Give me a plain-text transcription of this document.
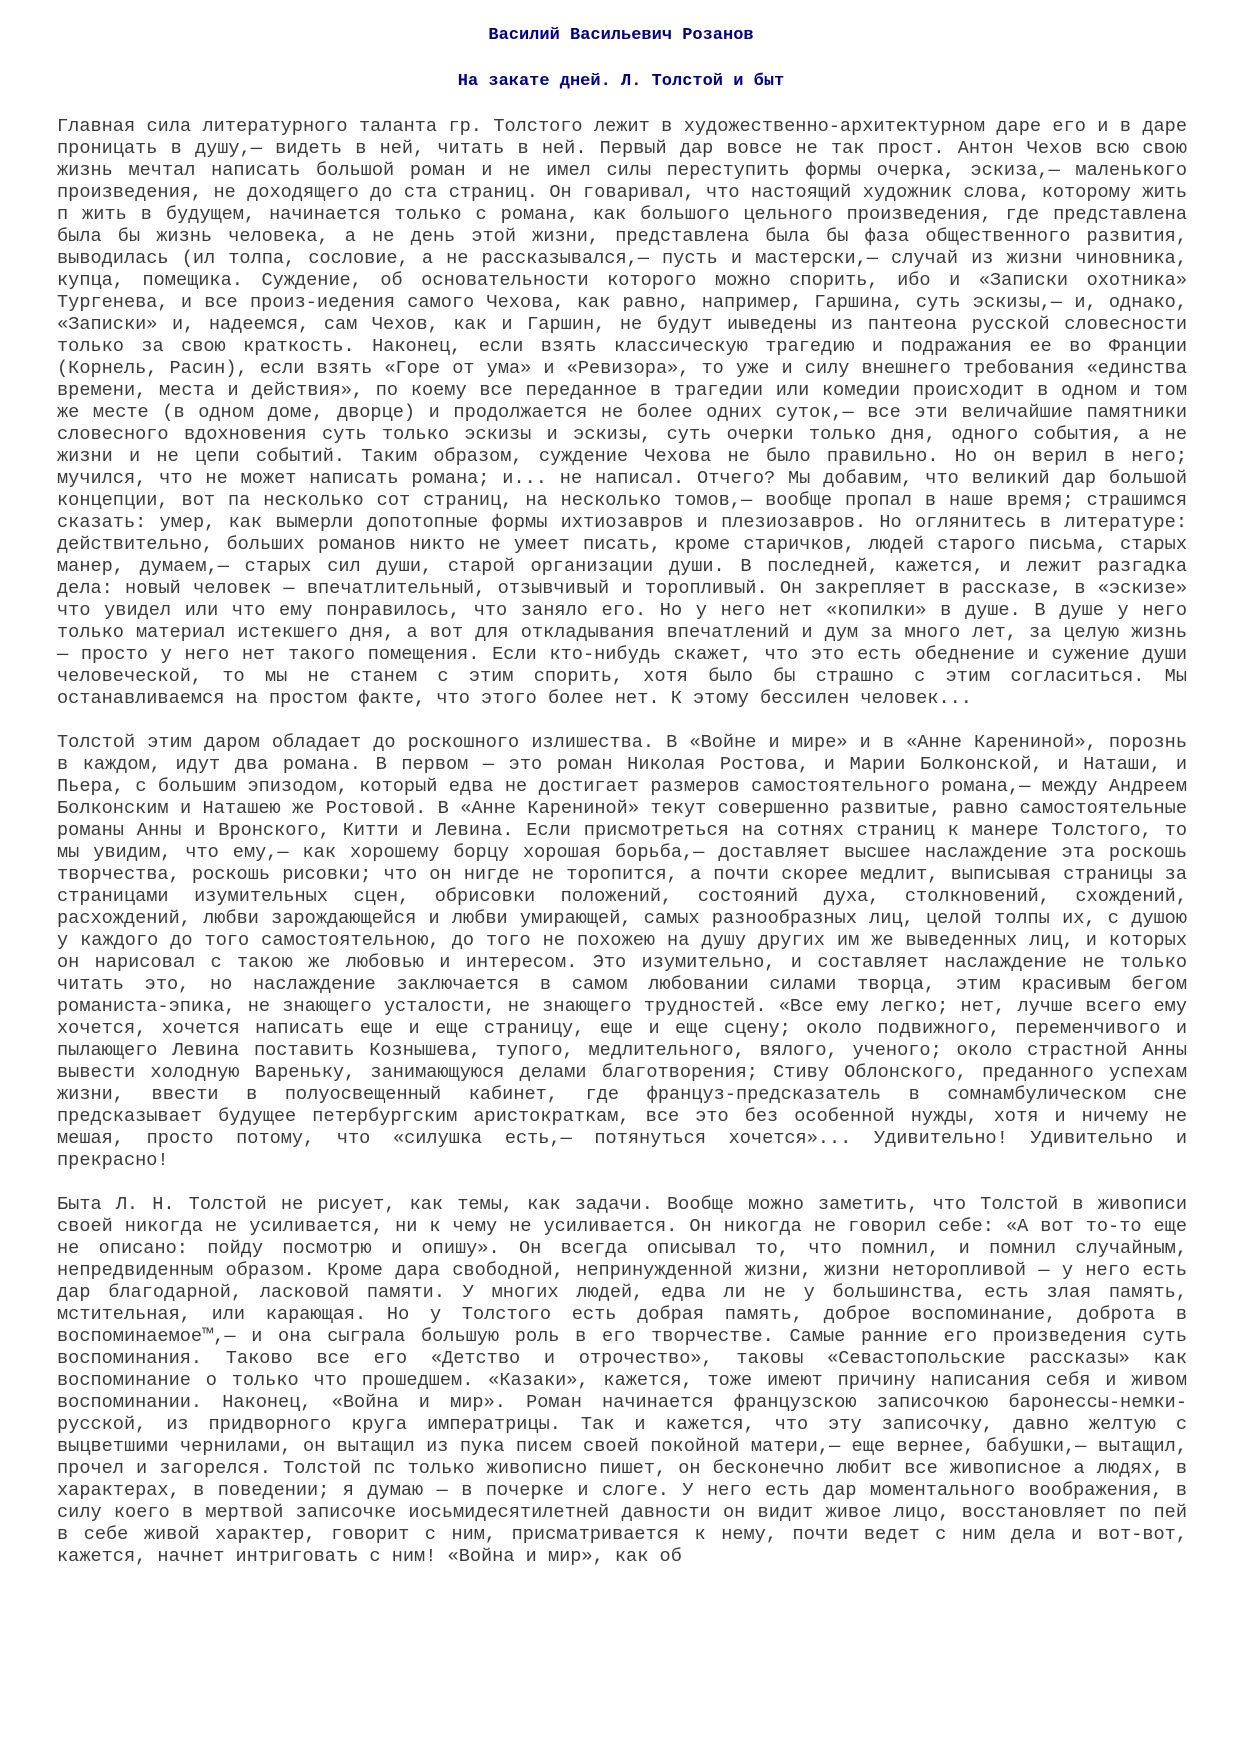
Василий Васильевич Розанов
На закате дней. Л. Толстой и быт

Главная сила литературного таланта гр. Толстого лежит в художественно-архитектурном даре его и в даре проницать в душу,— видеть в ней, читать в ней. Первый дар вовсе не так прост. Антон Чехов всю свою жизнь мечтал написать большой роман и не имел силы переступить формы очерка, эскиза,— маленького произведения, не доходящего до ста страниц. Он говаривал, что настоящий художник слова, которому жить п жить в будущем, начинается только с романа, как большого цельного произведения, где представлена была бы жизнь человека, а не день этой жизни, представлена была бы фаза общественного развития, выводилась (ил толпа, сословие, а не рассказывался,— пусть и мастерски,— случай из жизни чиновника, купца, помещика. Суждение, об основательности которого можно спорить, ибо и «Записки охотника» Тургенева, и все произ-иедения самого Чехова, как равно, например, Гаршина, суть эскизы,— и, однако, «Записки» и, надеемся, сам Чехов, как и Гаршин, не будут иыведены из пантеона русской словесности только за свою краткость. Наконец, если взять классическую трагедию и подражания ее во Франции (Корнель, Расин), если взять «Горе от ума» и «Ревизора», то уже и силу внешнего требования «единства времени, места и действия», по коему все переданное в трагедии или комедии происходит в одном и том же месте (в одном доме, дворце) и продолжается не более одних суток,— все эти величайшие памятники словесного вдохновения суть только эскизы и эскизы, суть очерки только дня, одного события, а не жизни и не цепи событий. Таким образом, суждение Чехова не было правильно. Но он верил в него; мучился, что не может написать романа; и... не написал. Отчего? Мы добавим, что великий дар большой концепции, вот па несколько сот страниц, на несколько томов,— вообще пропал в наше время; страшимся сказать: умер, как вымерли допотопные формы ихтиозавров и плезиозавров. Но оглянитесь в литературе: действительно, больших романов никто не умеет писать, кроме старичков, людей старого письма, старых манер, думаем,— старых сил души, старой организации души. В последней, кажется, и лежит разгадка дела: новый человек — впечатлительный, отзывчивый и торопливый. Он закрепляет в рассказе, в «эскизе» что увидел или что ему понравилось, что заняло его. Но у него нет «копилки» в душе. В душе у него только материал истекшего дня, а вот для откладывания впечатлений и дум за много лет, за целую жизнь — просто у него нет такого помещения. Если кто-нибудь скажет, что это есть обеднение и сужение души человеческой, то мы не станем с этим спорить, хотя было бы страшно с этим согласиться. Мы останавливаемся на простом факте, что этого более нет. К этому бессилен человек...

Толстой этим даром обладает до роскошного излишества. В «Войне и мире» и в «Анне Карениной», порознь в каждом, идут два романа. В первом — это роман Николая Ростова, и Марии Болконской, и Наташи, и Пьера, с большим эпизодом, который едва не достигает размеров самостоятельного романа,— между Андреем Болконским и Наташею же Ростовой. В «Анне Карениной» текут совершенно развитые, равно самостоятельные романы Анны и Вронского, Китти и Левина. Если присмотреться на сотнях страниц к манере Толстого, то мы увидим, что ему,— как хорошему борцу хорошая борьба,— доставляет высшее наслаждение эта роскошь творчества, роскошь рисовки; что он нигде не торопится, а почти скорее медлит, выписывая страницы за страницами изумительных сцен, обрисовки положений, состояний духа, столкновений, схождений, расхождений, любви зарождающейся и любви умирающей, самых разнообразных лиц, целой толпы их, с душою у каждого до того самостоятельною, до того не похожею на душу других им же выведенных лиц, и которых он нарисовал с такою же любовью и интересом. Это изумительно, и составляет наслаждение не только читать это, но наслаждение заключается в самом любовании силами творца, этим красивым бегом романиста-эпика, не знающего усталости, не знающего трудностей. «Все ему легко; нет, лучше всего ему хочется, хочется написать еще и еще страницу, еще и еще сцену; около подвижного, переменчивого и пылающего Левина поставить Кознышева, тупого, медлительного, вялого, ученого; около страстной Анны вывести холодную Вареньку, занимающуюся делами благотворения; Стиву Облонского, преданного успехам жизни, ввести в полуосвещенный кабинет, где француз-предсказатель в сомнамбулическом сне предсказывает будущее петербургским аристократкам, все это без особенной нужды, хотя и ничему не мешая, просто потому, что «силушка есть,— потянуться хочется»... Удивительно! Удивительно и прекрасно!

Быта Л. Н. Толстой не рисует, как темы, как задачи. Вообще можно заметить, что Толстой в живописи своей никогда не усиливается, ни к чему не усиливается. Он никогда не говорил себе: «А вот то-то еще не описано: пойду посмотрю и опишу». Он всегда описывал то, что помнил, и помнил случайным, непредвиденным образом. Кроме дара свободной, непринужденной жизни, жизни неторопливой — у него есть дар благодарной, ласковой памяти. У многих людей, едва ли не у большинства, есть злая память, мстительная, или карающая. Но у Толстого есть добрая память, доброе воспоминание, доброта в воспоминаемое™,— и она сыграла большую роль в его творчестве. Самые ранние его произведения суть воспоминания. Таково все его «Детство и отрочество», таковы «Севастопольские рассказы» как воспоминание о только что прошедшем. «Казаки», кажется, тоже имеют причину написания себя и живом воспоминании. Наконец, «Война и мир». Роман начинается французскою записочкою баронессы-немки-русской, из придворного круга императрицы. Так и кажется, что эту записочку, давно желтую с выцветшими чернилами, он вытащил из пука писем своей покойной матери,— еще вернее, бабушки,— вытащил, прочел и загорелся. Толстой пс только живописно пишет, он бесконечно любит все живописное а людях, в характерах, в поведении; я думаю — в почерке и слоге. У него есть дар моментального воображения, в силу коего в мертвой записочке иосьмидесятилетней давности он видит живое лицо, восстановляет по пей в себе живой характер, говорит с ним, присматривается к нему, почти ведет с ним дела и вот-вот, кажется, начнет интриговать с ним! «Война и мир», как об
